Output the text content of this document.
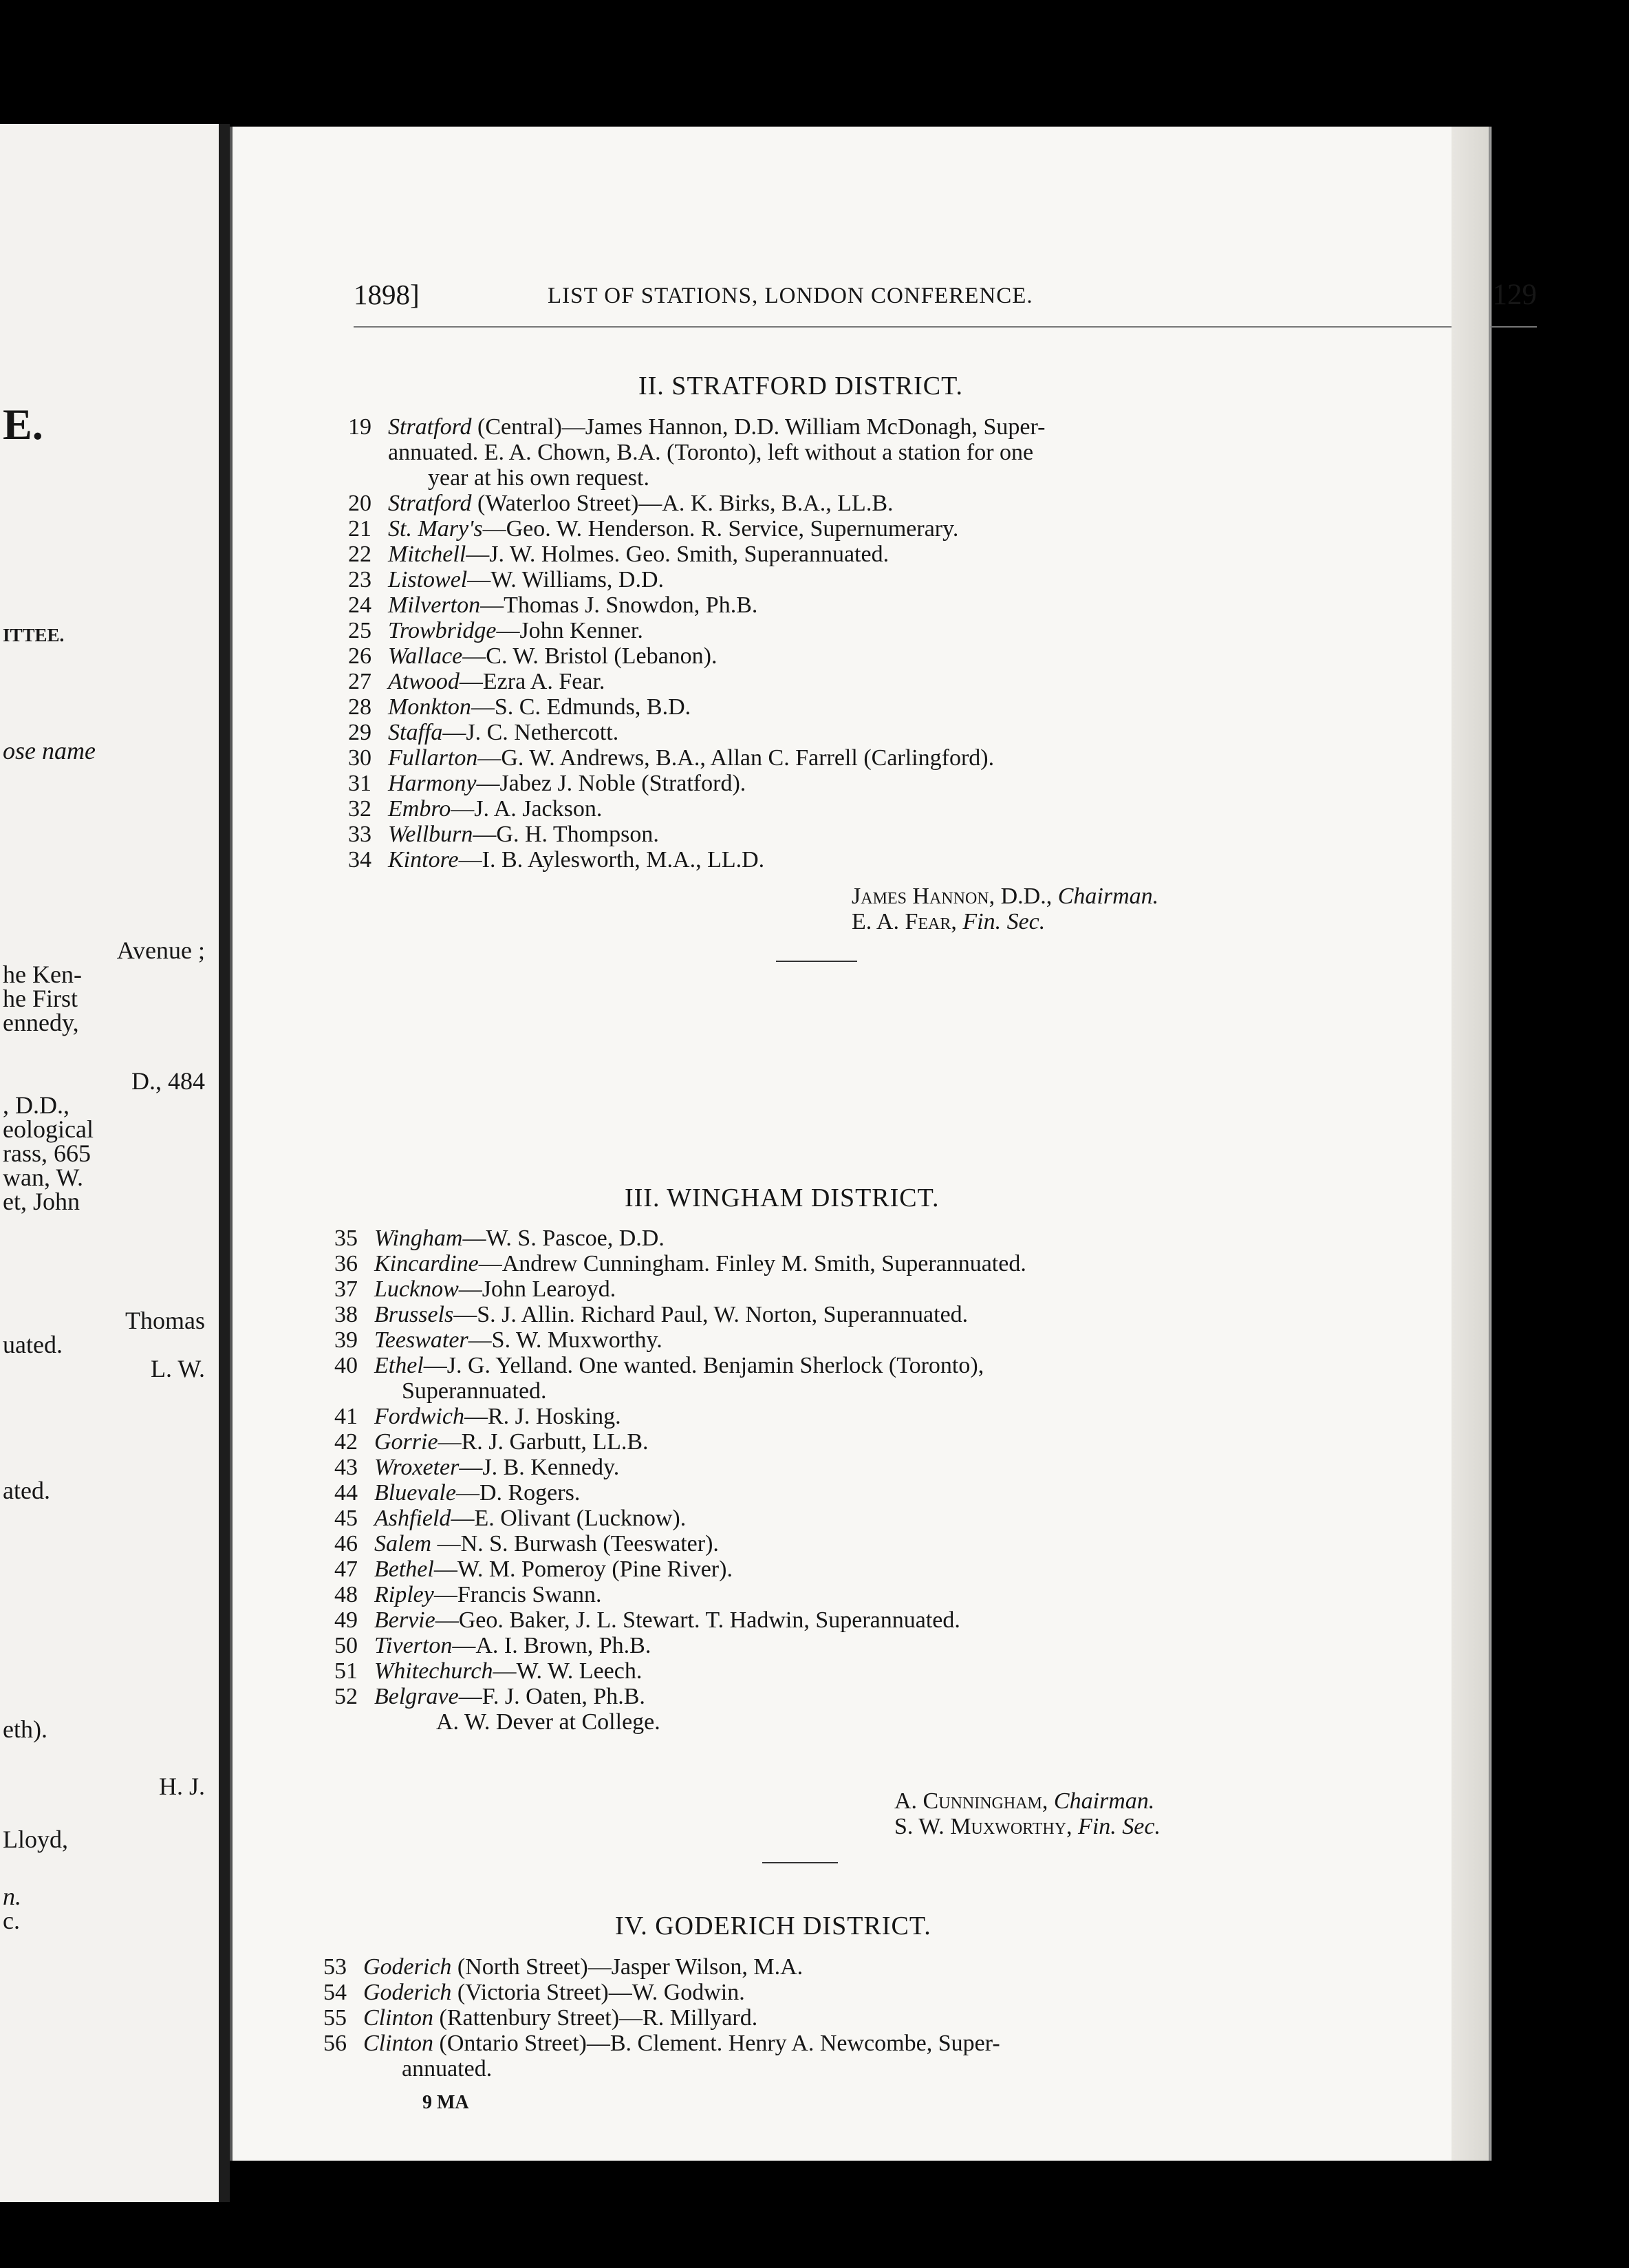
E.
ITTEE.
ose name
Avenue ;
he Ken-
he First
ennedy,
D., 484
, D.D.,
eological
rass, 665
wan, W.
et, John
Thomas
uated.
L. W.
ated.
eth).
H. J.
Lloyd,
n.
c.
1898]	LIST OF STATIONS, LONDON CONFERENCE.	129
II. STRATFORD DISTRICT.
19 Stratford (Central)—James Hannon, D.D. William McDonagh, Super-
annuated. E. A. Chown, B.A. (Toronto), left without a station for one
year at his own request.
20 Stratford (Waterloo Street)—A. K. Birks, B.A., LL.B.
21 St. Mary's—Geo. W. Henderson. R. Service, Supernumerary.
22 Mitchell—J. W. Holmes. Geo. Smith, Superannuated.
23 Listowel—W. Williams, D.D.
24 Milverton—Thomas J. Snowdon, Ph.B.
25 Trowbridge—John Kenner.
26 Wallace—C. W. Bristol (Lebanon).
27 Atwood—Ezra A. Fear.
28 Monkton—S. C. Edmunds, B.D.
29 Staffa—J. C. Nethercott.
30 Fullarton—G. W. Andrews, B.A., Allan C. Farrell (Carlingford).
31 Harmony—Jabez J. Noble (Stratford).
32 Embro—J. A. Jackson.
33 Wellburn—G. H. Thompson.
34 Kintore—I. B. Aylesworth, M.A., LL.D.
James Hannon, D.D., Chairman.
E. A. Fear, Fin. Sec.
III. WINGHAM DISTRICT.
35 Wingham—W. S. Pascoe, D.D.
36 Kincardine—Andrew Cunningham. Finley M. Smith, Superannuated.
37 Lucknow—John Learoyd.
38 Brussels—S. J. Allin. Richard Paul, W. Norton, Superannuated.
39 Teeswater—S. W. Muxworthy.
40 Ethel—J. G. Yelland. One wanted. Benjamin Sherlock (Toronto),
Superannuated.
41 Fordwich—R. J. Hosking.
42 Gorrie—R. J. Garbutt, LL.B.
43 Wroxeter—J. B. Kennedy.
44 Bluevale—D. Rogers.
45 Ashfield—E. Olivant (Lucknow).
46 Salem —N. S. Burwash (Teeswater).
47 Bethel—W. M. Pomeroy (Pine River).
48 Ripley—Francis Swann.
49 Bervie—Geo. Baker, J. L. Stewart. T. Hadwin, Superannuated.
50 Tiverton—A. I. Brown, Ph.B.
51 Whitechurch—W. W. Leech.
52 Belgrave—F. J. Oaten, Ph.B.
A. W. Dever at College.
A. Cunningham, Chairman.
S. W. Muxworthy, Fin. Sec.
IV. GODERICH DISTRICT.
53 Goderich (North Street)—Jasper Wilson, M.A.
54 Goderich (Victoria Street)—W. Godwin.
55 Clinton (Rattenbury Street)—R. Millyard.
56 Clinton (Ontario Street)—B. Clement. Henry A. Newcombe, Super-
annuated.
9 MA
